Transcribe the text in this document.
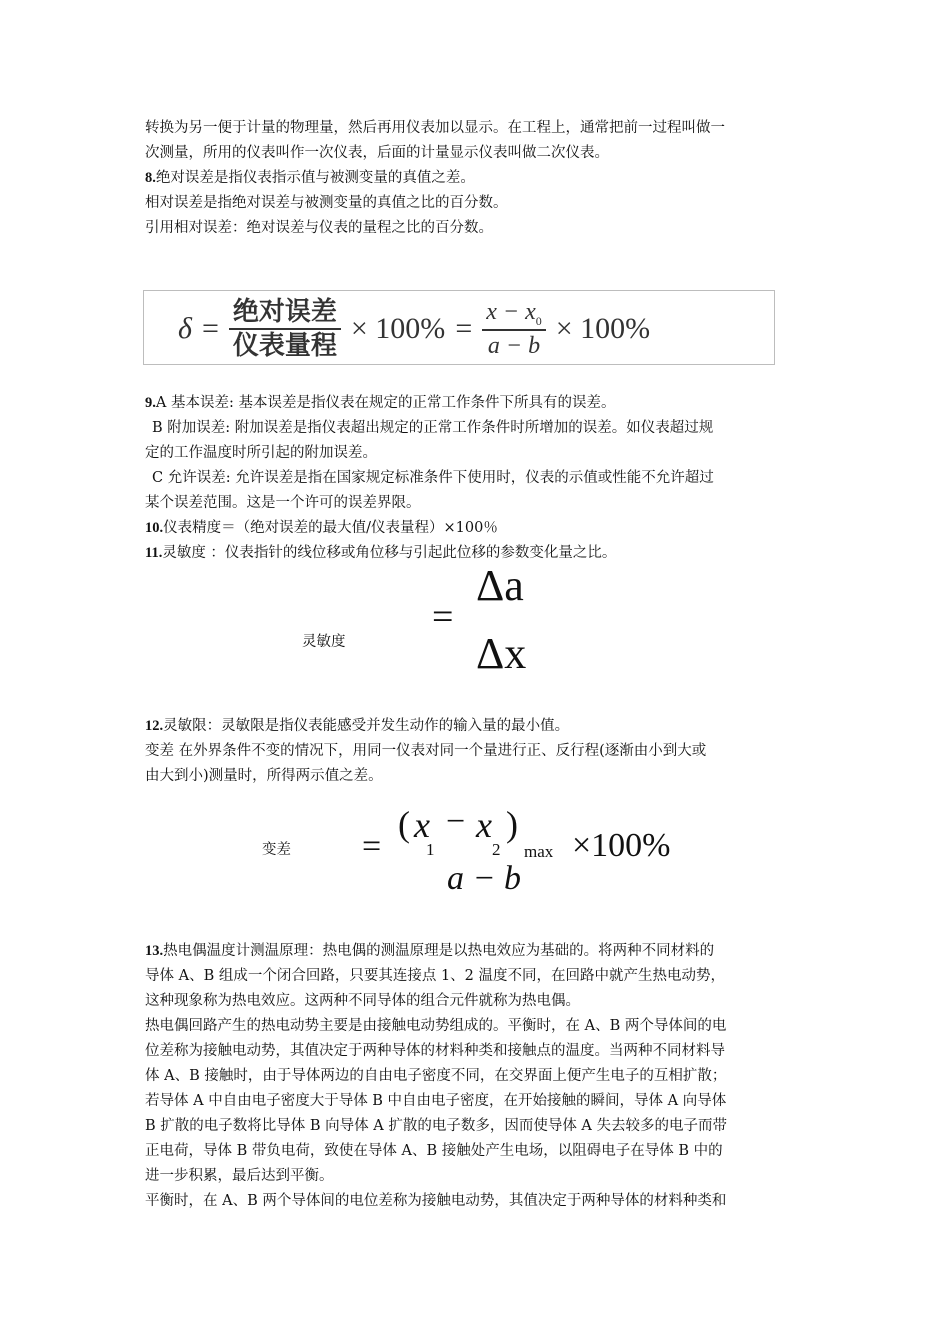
转换为另一便于计量的物理量，然后再用仪表加以显示。在工程上，通常把前一过程叫做一
次测量，所用的仪表叫作一次仪表，后面的计量显示仪表叫做二次仪表。
8.绝对误差是指仪表指示值与被测变量的真值之差。
相对误差是指绝对误差与被测变量的真值之比的百分数。
引用相对误差：绝对误差与仪表的量程之比的百分数。
$\delta = \frac{\text{绝对误差}}{\text{仪表量程}} \times 100\% = \frac{x - x_0}{a - b} \times 100\%$
9.A 基本误差: 基本误差是指仪表在规定的正常工作条件下所具有的误差。
B 附加误差: 附加误差是指仪表超出规定的正常工作条件时所增加的误差。如仪表超过规
定的工作温度时所引起的附加误差。
C 允许误差: 允许误差是指在国家规定标准条件下使用时，仪表的示值或性能不允许超过
某个误差范围。这是一个许可的误差界限。
10.仪表精度＝（绝对误差的最大值/仪表量程）×100％
11.灵敏度 ：仪表指针的线位移或角位移与引起此位移的参数变化量之比。
灵敏度
=
Δa
Δx
12.灵敏限：灵敏限是指仪表能感受并发生动作的输入量的最小值。
变差 在外界条件不变的情况下，用同一仪表对同一个量进行正、反行程(逐渐由小到大或
由大到小)测量时，所得两示值之差。
变差 =
( x − x )
1	2 max ×100%
a − b
13.热电偶温度计测温原理：热电偶的测温原理是以热电效应为基础的。将两种不同材料的
导体 A、B 组成一个闭合回路，只要其连接点 1、2 温度不同，在回路中就产生热电动势，
这种现象称为热电效应。这两种不同导体的组合元件就称为热电偶。
热电偶回路产生的热电动势主要是由接触电动势组成的。平衡时，在 A、B 两个导体间的电
位差称为接触电动势，其值决定于两种导体的材料种类和接触点的温度。当两种不同材料导
体 A、B 接触时，由于导体两边的自由电子密度不同，在交界面上便产生电子的互相扩散；
若导体 A 中自由电子密度大于导体 B 中自由电子密度，在开始接触的瞬间，导体 A 向导体
B 扩散的电子数将比导体 B 向导体 A 扩散的电子数多，因而使导体 A 失去较多的电子而带
正电荷，导体 B 带负电荷，致使在导体 A、B 接触处产生电场，以阻碍电子在导体 B 中的
进一步积累，最后达到平衡。
平衡时，在 A、B 两个导体间的电位差称为接触电动势，其值决定于两种导体的材料种类和
